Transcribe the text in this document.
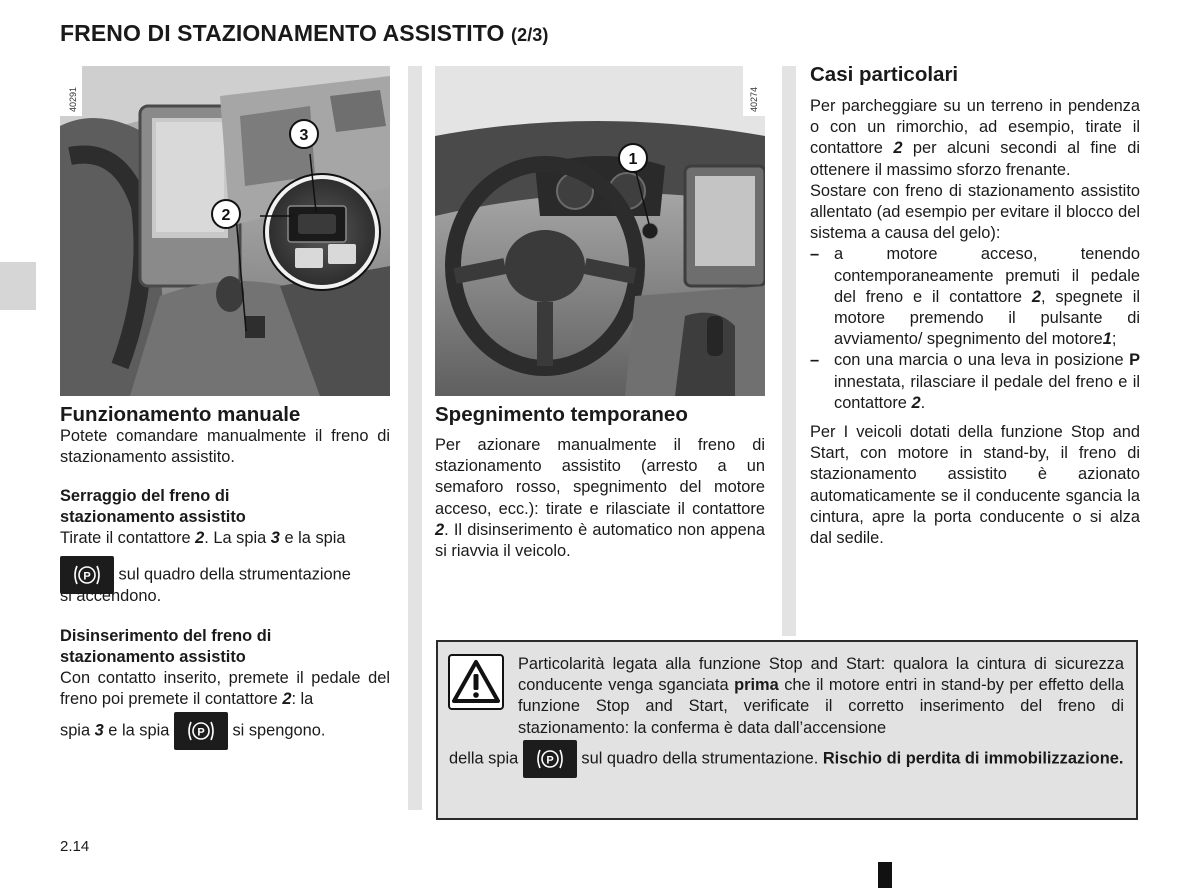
FRENO DI STAZIONAMENTO ASSISTITO (2/3)
3
2
40291
1
40274
Funzionamento manuale

Potete comandare manualmente il freno di stazionamento assistito.

Serraggio del freno di
stazionamento assistito

Tirate il contattore 2. La spia 3 e la spia

P sul quadro della strumentazione

si accendono.

Disinserimento del freno di
stazionamento assistito

Con contatto inserito, premete il pedale del freno poi premete il contattore 2: la

spia 3 e la spia	P si spengono.
Spegnimento temporaneo

Per azionare manualmente il freno di stazionamento assistito (arresto a un semaforo rosso, spegnimento del motore acceso, ecc.): tirate e rilasciate il contattore 2. Il disinserimento è automatico non appena si riavvia il veicolo.

Casi particolari

Per parcheggiare su un terreno in pendenza o con un rimorchio, ad esempio, tirate il contattore 2 per alcuni secondi al fine di ottenere il massimo sforzo frenante.

Sostare con freno di stazionamento assistito allentato (ad esempio per evitare il blocco del sistema a causa del gelo):

– a motore acceso, tenendo contemporaneamente premuti il pedale del freno e il contattore 2, spegnete il motore premendo il pulsante di avviamento/ spegnimento del motore1;
– con una marcia o una leva in posizione P innestata, rilasciare il pedale del freno e il contattore 2.

Per I veicoli dotati della funzione Stop and Start, con motore in stand-by, il freno di stazionamento assistito è azionato automaticamente se il conducente sgancia la cintura, apre la porta conducente o si alza dal sedile.

Particolarità legata alla funzione Stop and Start: qualora la cintura di sicurezza conducente venga sganciata prima che il motore entri in stand-by per effetto della funzione Stop and Start, verificate il corretto inserimento del freno di stazionamento: la conferma è data dall’accensione

della spia	P sul quadro della strumentazione. Rischio di perdita di immobilizzazione.
2.14
